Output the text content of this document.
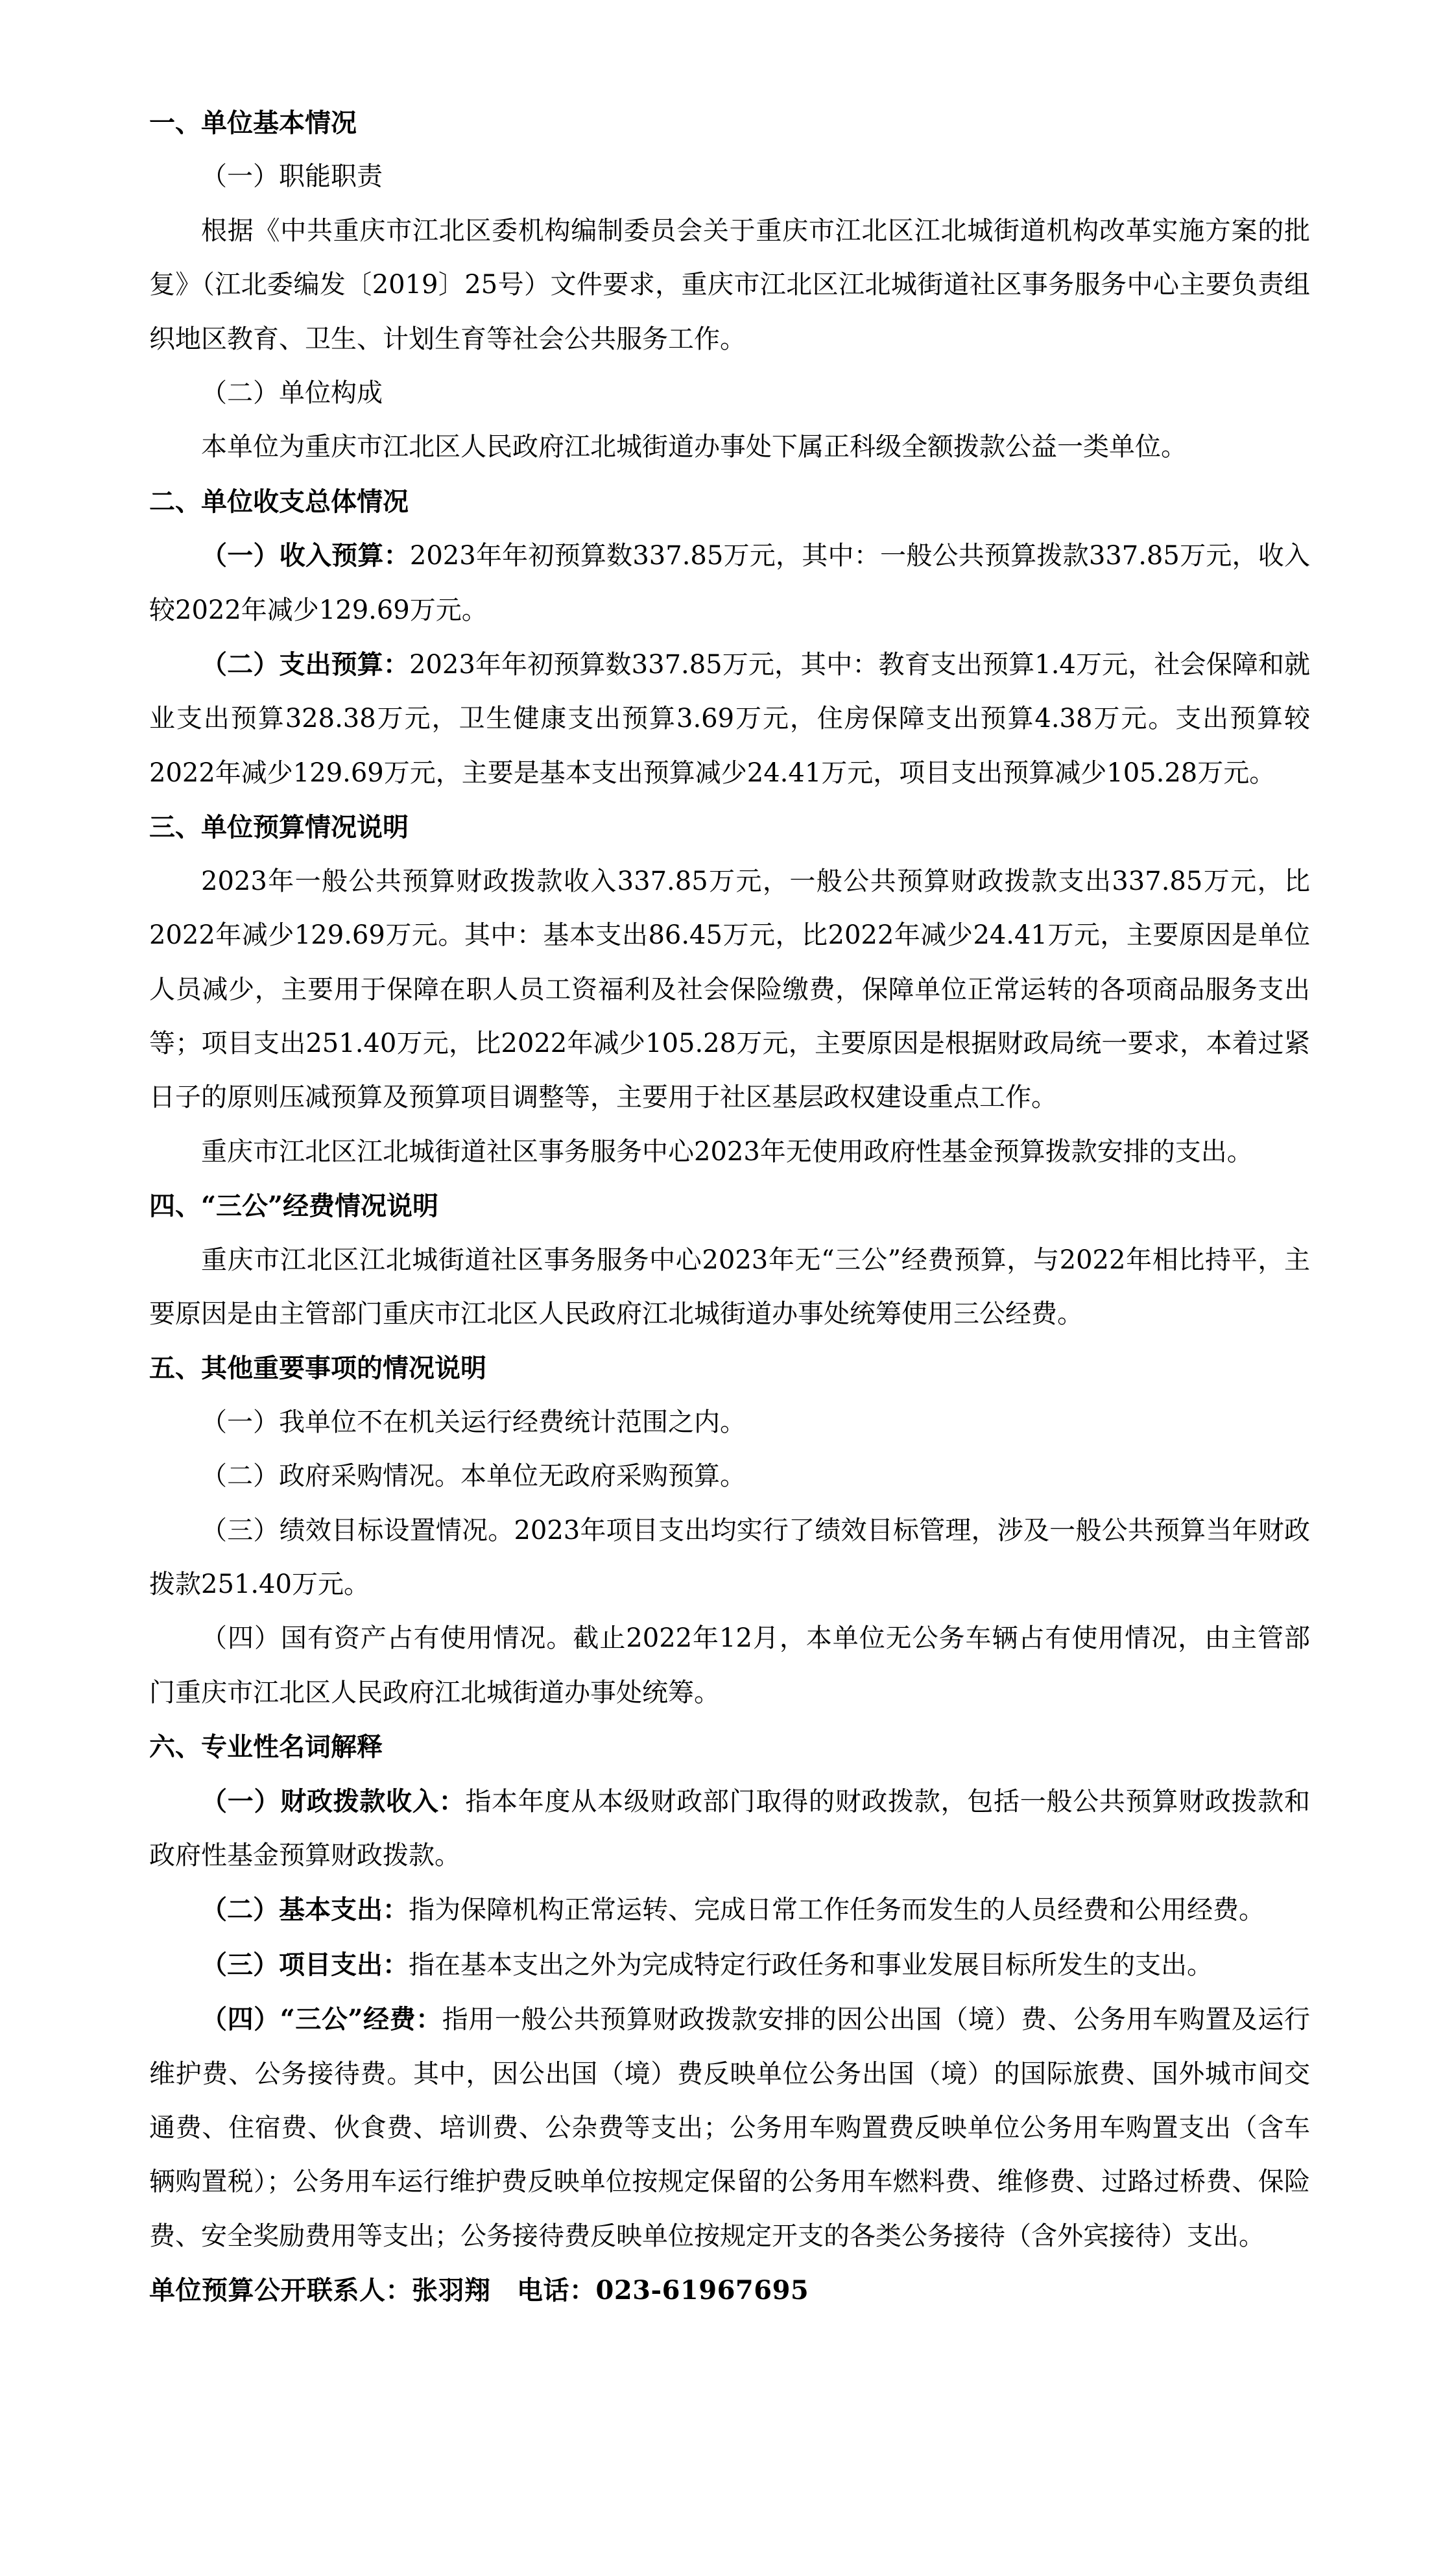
一、单位基本情况

（一）职能职责

根据《中共重庆市江北区委机构编制委员会关于重庆市江北区江北城街道机构改革实施方案的批复》（江北委编发〔2019〕25号）文件要求，重庆市江北区江北城街道社区事务服务中心主要负责组织地区教育、卫生、计划生育等社会公共服务工作。

（二）单位构成

本单位为重庆市江北区人民政府江北城街道办事处下属正科级全额拨款公益一类单位。

二、单位收支总体情况

（一）收入预算：2023年年初预算数337.85万元，其中：一般公共预算拨款337.85万元，收入较2022年减少129.69万元。

（二）支出预算：2023年年初预算数337.85万元，其中：教育支出预算1.4万元，社会保障和就业支出预算328.38万元，卫生健康支出预算3.69万元，住房保障支出预算4.38万元。支出预算较2022年减少129.69万元，主要是基本支出预算减少24.41万元，项目支出预算减少105.28万元。

三、单位预算情况说明

2023年一般公共预算财政拨款收入337.85万元，一般公共预算财政拨款支出337.85万元，比2022年减少129.69万元。其中：基本支出86.45万元，比2022年减少24.41万元，主要原因是单位人员减少，主要用于保障在职人员工资福利及社会保险缴费，保障单位正常运转的各项商品服务支出等；项目支出251.40万元，比2022年减少105.28万元，主要原因是根据财政局统一要求，本着过紧日子的原则压减预算及预算项目调整等，主要用于社区基层政权建设重点工作。

重庆市江北区江北城街道社区事务服务中心2023年无使用政府性基金预算拨款安排的支出。

四、“三公”经费情况说明

重庆市江北区江北城街道社区事务服务中心2023年无“三公”经费预算，与2022年相比持平，主要原因是由主管部门重庆市江北区人民政府江北城街道办事处统筹使用三公经费。

五、其他重要事项的情况说明

（一）我单位不在机关运行经费统计范围之内。

（二）政府采购情况。本单位无政府采购预算。

（三）绩效目标设置情况。2023年项目支出均实行了绩效目标管理，涉及一般公共预算当年财政拨款251.40万元。

（四）国有资产占有使用情况。截止2022年12月，本单位无公务车辆占有使用情况，由主管部门重庆市江北区人民政府江北城街道办事处统筹。

六、专业性名词解释

（一）财政拨款收入：指本年度从本级财政部门取得的财政拨款，包括一般公共预算财政拨款和政府性基金预算财政拨款。

（二）基本支出：指为保障机构正常运转、完成日常工作任务而发生的人员经费和公用经费。

（三）项目支出：指在基本支出之外为完成特定行政任务和事业发展目标所发生的支出。

（四）“三公”经费：指用一般公共预算财政拨款安排的因公出国（境）费、公务用车购置及运行维护费、公务接待费。其中，因公出国（境）费反映单位公务出国（境）的国际旅费、国外城市间交通费、住宿费、伙食费、培训费、公杂费等支出；公务用车购置费反映单位公务用车购置支出（含车辆购置税）；公务用车运行维护费反映单位按规定保留的公务用车燃料费、维修费、过路过桥费、保险费、安全奖励费用等支出；公务接待费反映单位按规定开支的各类公务接待（含外宾接待）支出。

单位预算公开联系人：张羽翔　电话：023-61967695
